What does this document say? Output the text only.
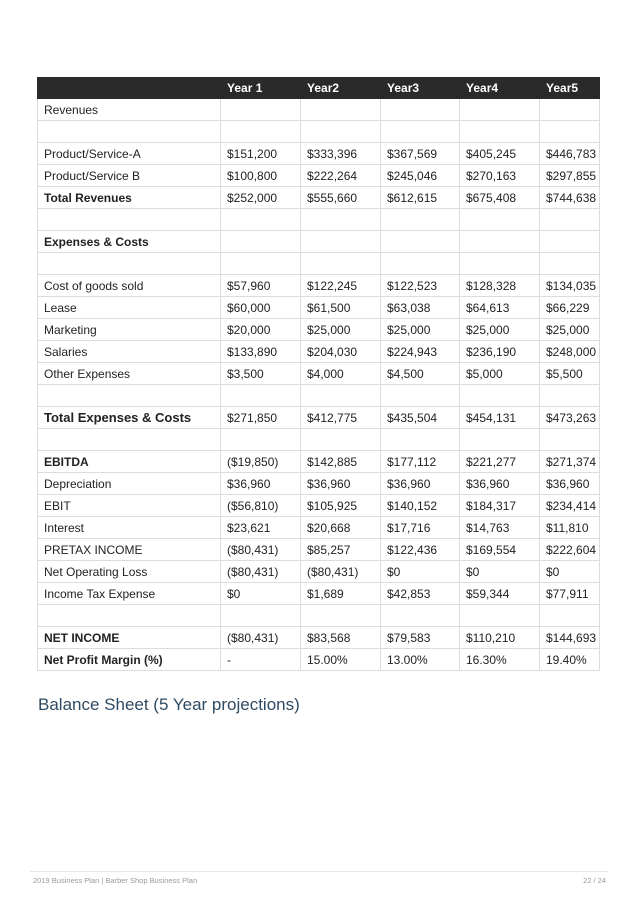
	Year 1	Year2	Year3	Year4	Year5
Revenues					

Product/Service-A	$151,200	$333,396	$367,569	$405,245	$446,783
Product/Service B	$100,800	$222,264	$245,046	$270,163	$297,855
Total Revenues	$252,000	$555,660	$612,615	$675,408	$744,638

Expenses & Costs					

Cost of goods sold	$57,960	$122,245	$122,523	$128,328	$134,035
Lease	$60,000	$61,500	$63,038	$64,613	$66,229
Marketing	$20,000	$25,000	$25,000	$25,000	$25,000
Salaries	$133,890	$204,030	$224,943	$236,190	$248,000
Other Expenses	$3,500	$4,000	$4,500	$5,000	$5,500

Total Expenses & Costs	$271,850	$412,775	$435,504	$454,131	$473,263

EBITDA	($19,850)	$142,885	$177,112	$221,277	$271,374
Depreciation	$36,960	$36,960	$36,960	$36,960	$36,960
EBIT	($56,810)	$105,925	$140,152	$184,317	$234,414
Interest	$23,621	$20,668	$17,716	$14,763	$11,810
PRETAX INCOME	($80,431)	$85,257	$122,436	$169,554	$222,604
Net Operating Loss	($80,431)	($80,431)	$0	$0	$0
Income Tax Expense	$0	$1,689	$42,853	$59,344	$77,911

NET INCOME	($80,431)	$83,568	$79,583	$110,210	$144,693
Net Profit Margin (%)	-	15.00%	13.00%	16.30%	19.40%
Balance Sheet (5 Year projections)
2019 Business Plan | Barber Shop Business Plan	22 / 24
